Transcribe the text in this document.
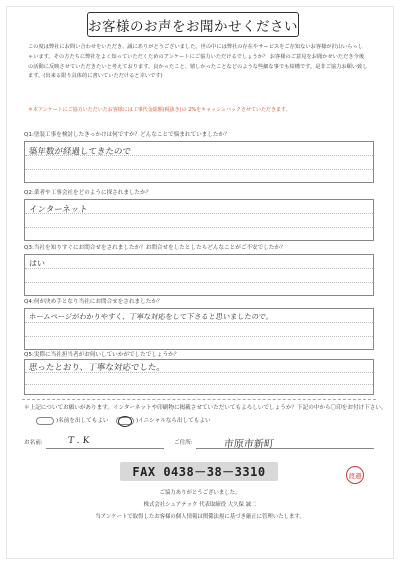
お客様のお声をお聞かせください
この度は弊社にお問い合わせをいただき、誠にありがとうございました。世の中には弊社の存在やサービスをご存知ないお客様が沢山いらっしゃいます。その方たちに弊社をよく知っていただくためのアンケートにご協力いただけるでしょうか？ お客様のご意見をお聞かせいただき今後の活動に反映させていただきたいと考えております。良かったこと、嬉しかったことなどのような些細な事でも結構です。是非ご協力お願い致します。(出来る限り具体的に書いていただけると幸いです)
＊本アンケートにご協力いただいたお客様には工事代金総額(税抜き)の 2%をキャッシュバックさせていただきます。
Q1:塗装工事を検討したきっかけは何ですか？どんなことで悩まれていましたか？
築年数が経過してきたので
Q2:業者や工事会社をどのように探されましたか？
インターネット
Q3:当社を知りすぐにお問合せをされましたか？お問合せをしたとしたらどんなことがご不安でしたか？
はい
Q4:何が決め手となり当社にお問合せをされましたか？
ホームページがわかりやすく、丁寧な対応をして下さると思いましたので。
Q5:実際に当社担当者がお伺いしていかがでしたでしょうか？
思ったとおり、丁寧な対応でした。
＊上記についてお願いがあります。インターネットや印刷物に掲載させていただいてもよろしいでしょうか？下記の中から〇印をお付け下さい。
)名前を出してもよい	)イニシャルなら出してもよい
お名前:	T . K	ご住所:	市原市新町
FAX 0438－38－3310	渡邉
ご協力ありがとうございました。
株式会社シェアテック 代表取締役 大久保 誠二
当アンケートで取得したお客様の個人情報は関係法規に基づき厳正に管理いたします。
